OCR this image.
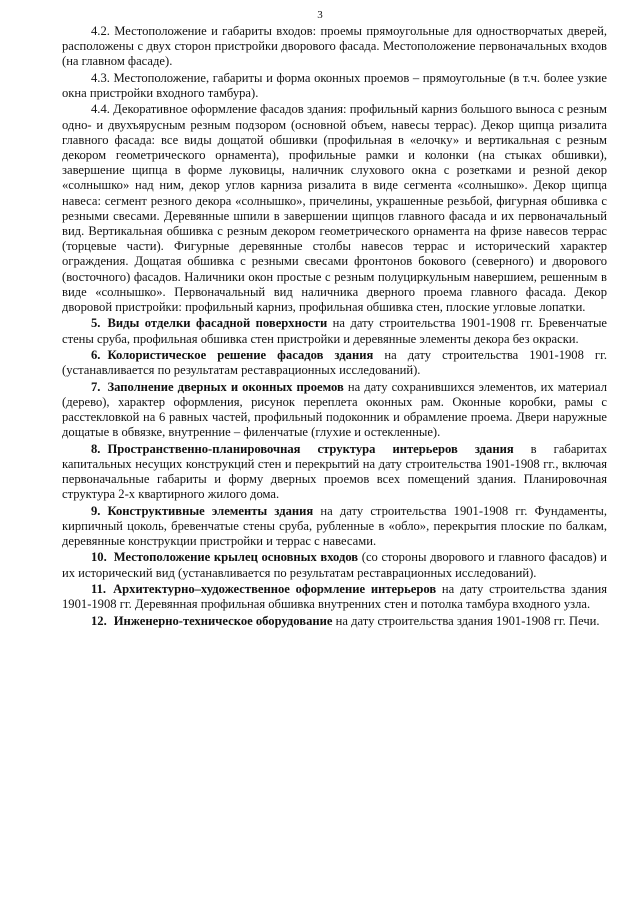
3

4.2. Местоположение и габариты входов: проемы прямоугольные для одностворчатых дверей, расположены с двух сторон пристройки дворового фасада. Местоположение первоначальных входов (на главном фасаде).

4.3. Местоположение, габариты и форма оконных проемов – прямоугольные (в т.ч. более узкие окна пристройки входного тамбура).

4.4. Декоративное оформление фасадов здания: профильный карниз большого выноса с резным одно- и двухъярусным резным подзором (основной объем, навесы террас). Декор щипца ризалита главного фасада: все виды дощатой обшивки (профильная в «елочку» и вертикальная с резным декором геометрического орнамента), профильные рамки и колонки (на стыках обшивки), завершение щипца в форме луковицы, наличник слухового окна с розетками и резной декор «солнышко» над ним, декор углов карниза ризалита в виде сегмента «солнышко». Декор щипца навеса: сегмент резного декора «солнышко», причелины, украшенные резьбой, фигурная обшивка с резными свесами. Деревянные шпили в завершении щипцов главного фасада и их первоначальный вид. Вертикальная обшивка с резным декором геометрического орнамента на фризе навесов террас (торцевые части). Фигурные деревянные столбы навесов террас и исторический характер ограждения. Дощатая обшивка с резными свесами фронтонов бокового (северного) и дворового (восточного) фасадов. Наличники окон простые с резным полуциркульным навершием, решенным в виде «солнышко». Первоначальный вид наличника дверного проема главного фасада. Декор дворовой пристройки: профильный карниз, профильная обшивка стен, плоские угловые лопатки.

5. Виды отделки фасадной поверхности на дату строительства 1901-1908 гг. Бревенчатые стены сруба, профильная обшивка стен пристройки и деревянные элементы декора без окраски.

6. Колористическое решение фасадов здания на дату строительства 1901-1908 гг. (устанавливается по результатам реставрационных исследований).

7. Заполнение дверных и оконных проемов на дату сохранившихся элементов, их материал (дерево), характер оформления, рисунок переплета оконных рам. Оконные коробки, рамы с расстекловкой на 6 равных частей, профильный подоконник и обрамление проема. Двери наружные дощатые в обвязке, внутренние – филенчатые (глухие и остекленные).

8. Пространственно-планировочная структура интерьеров здания в габаритах капитальных несущих конструкций стен и перекрытий на дату строительства 1901-1908 гг., включая первоначальные габариты и форму дверных проемов всех помещений здания. Планировочная структура 2-х квартирного жилого дома.

9. Конструктивные элементы здания на дату строительства 1901-1908 гг. Фундаменты, кирпичный цоколь, бревенчатые стены сруба, рубленные в «обло», перекрытия плоские по балкам, деревянные конструкции пристройки и террас с навесами.

10. Местоположение крылец основных входов (со стороны дворового и главного фасадов) и их исторический вид (устанавливается по результатам реставрационных исследований).

11. Архитектурно–художественное оформление интерьеров на дату строительства здания 1901-1908 гг. Деревянная профильная обшивка внутренних стен и потолка тамбура входного узла.

12. Инженерно-техническое оборудование на дату строительства здания 1901-1908 гг. Печи.
